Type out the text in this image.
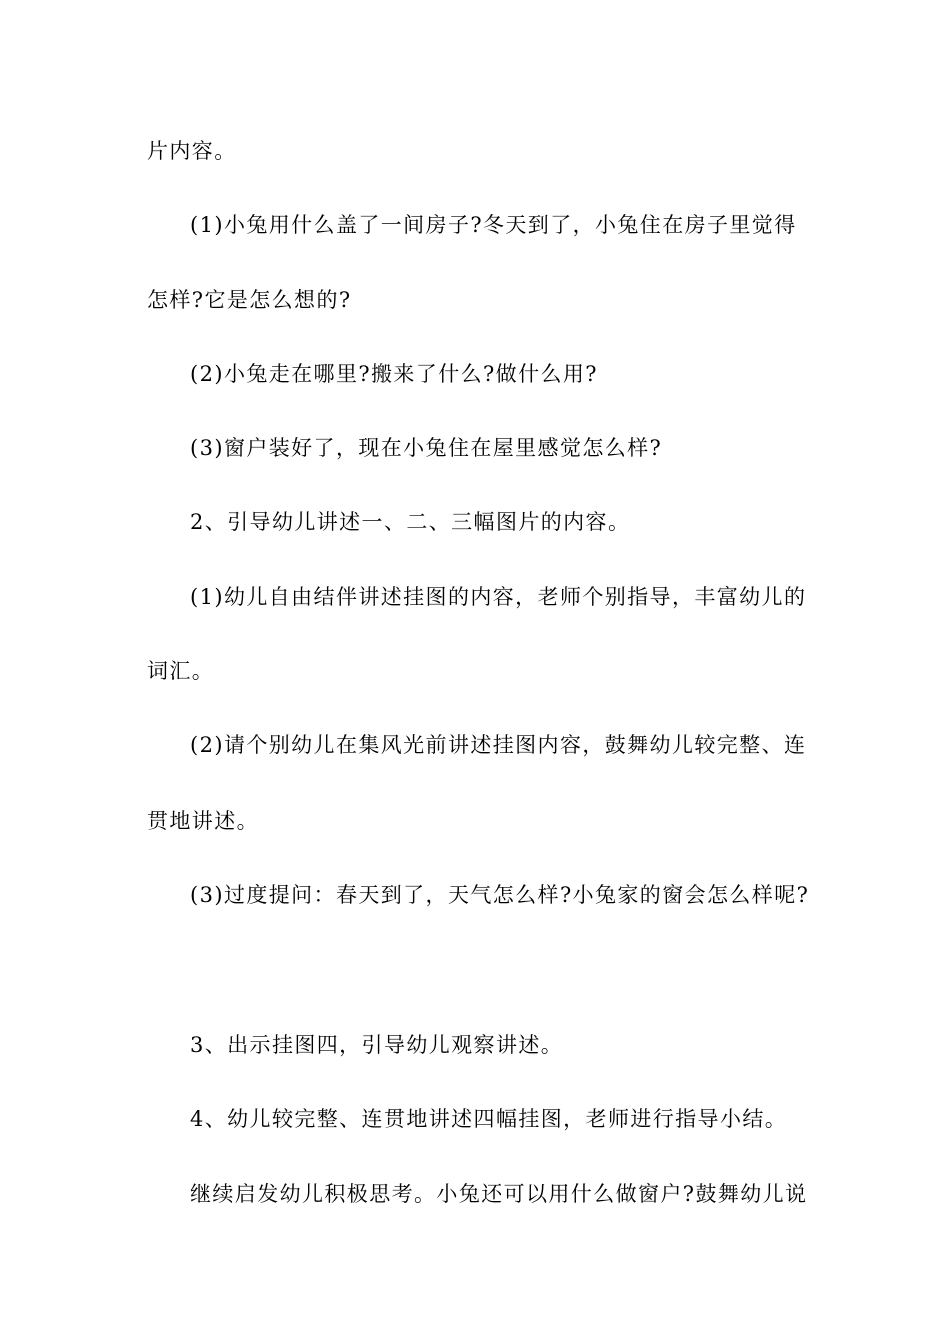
片内容。
(1)小兔用什么盖了一间房子?冬天到了，小兔住在房子里觉得
怎样?它是怎么想的?
(2)小兔走在哪里?搬来了什么?做什么用?
(3)窗户装好了，现在小兔住在屋里感觉怎么样?
2、引导幼儿讲述一、二、三幅图片的内容。
(1)幼儿自由结伴讲述挂图的内容，老师个别指导，丰富幼儿的
词汇。
(2)请个别幼儿在集风光前讲述挂图内容，鼓舞幼儿较完整、连
贯地讲述。
(3)过度提问：春天到了，天气怎么样?小兔家的窗会怎么样呢?
3、出示挂图四，引导幼儿观察讲述。
4、幼儿较完整、连贯地讲述四幅挂图，老师进行指导小结。
继续启发幼儿积极思考。小兔还可以用什么做窗户?鼓舞幼儿说
